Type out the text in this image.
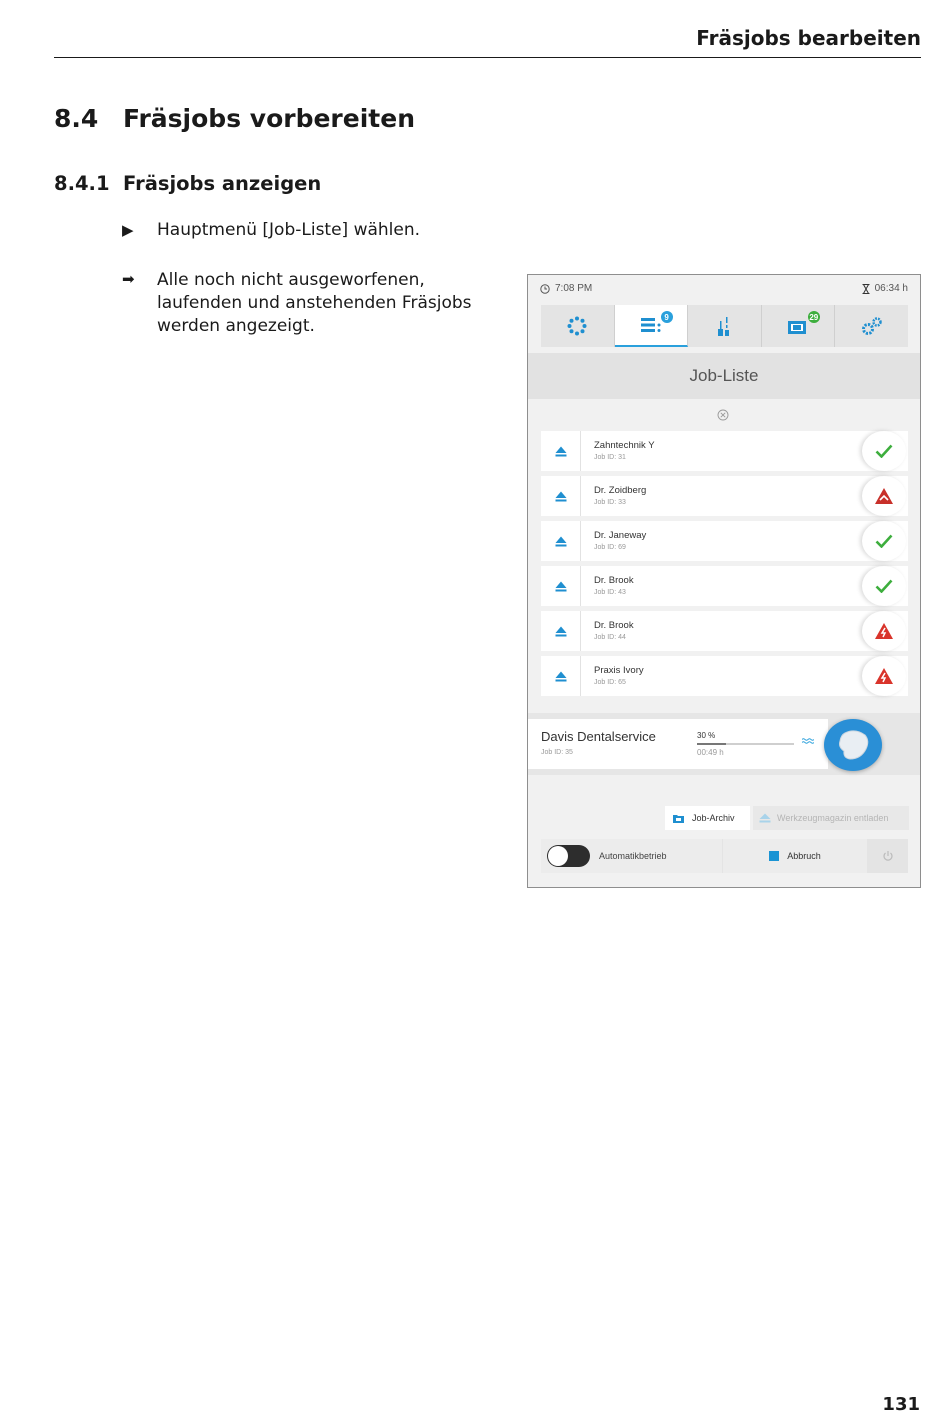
Fräsjobs bearbeiten
8.4 Fräsjobs vorbereiten
8.4.1 Fräsjobs anzeigen
▶	Hauptmenü [Job-Liste] wählen.
➡	Alle noch nicht ausgeworfenen, laufenden und anstehenden Fräsjobs werden angezeigt.
7:08 PM	06:34 h
9	29
Job-Liste
Zahntechnik Y
Job ID: 31
Dr. Zoidberg
Job ID: 33
Dr. Janeway
Job ID: 69
Dr. Brook
Job ID: 43
Dr. Brook
Job ID: 44
Praxis Ivory
Job ID: 65
Davis Dentalservice
Job ID: 35
30 %
00:49 h
Job-Archiv	Werkzeugmagazin entladen
Automatikbetrieb	Abbruch
131
